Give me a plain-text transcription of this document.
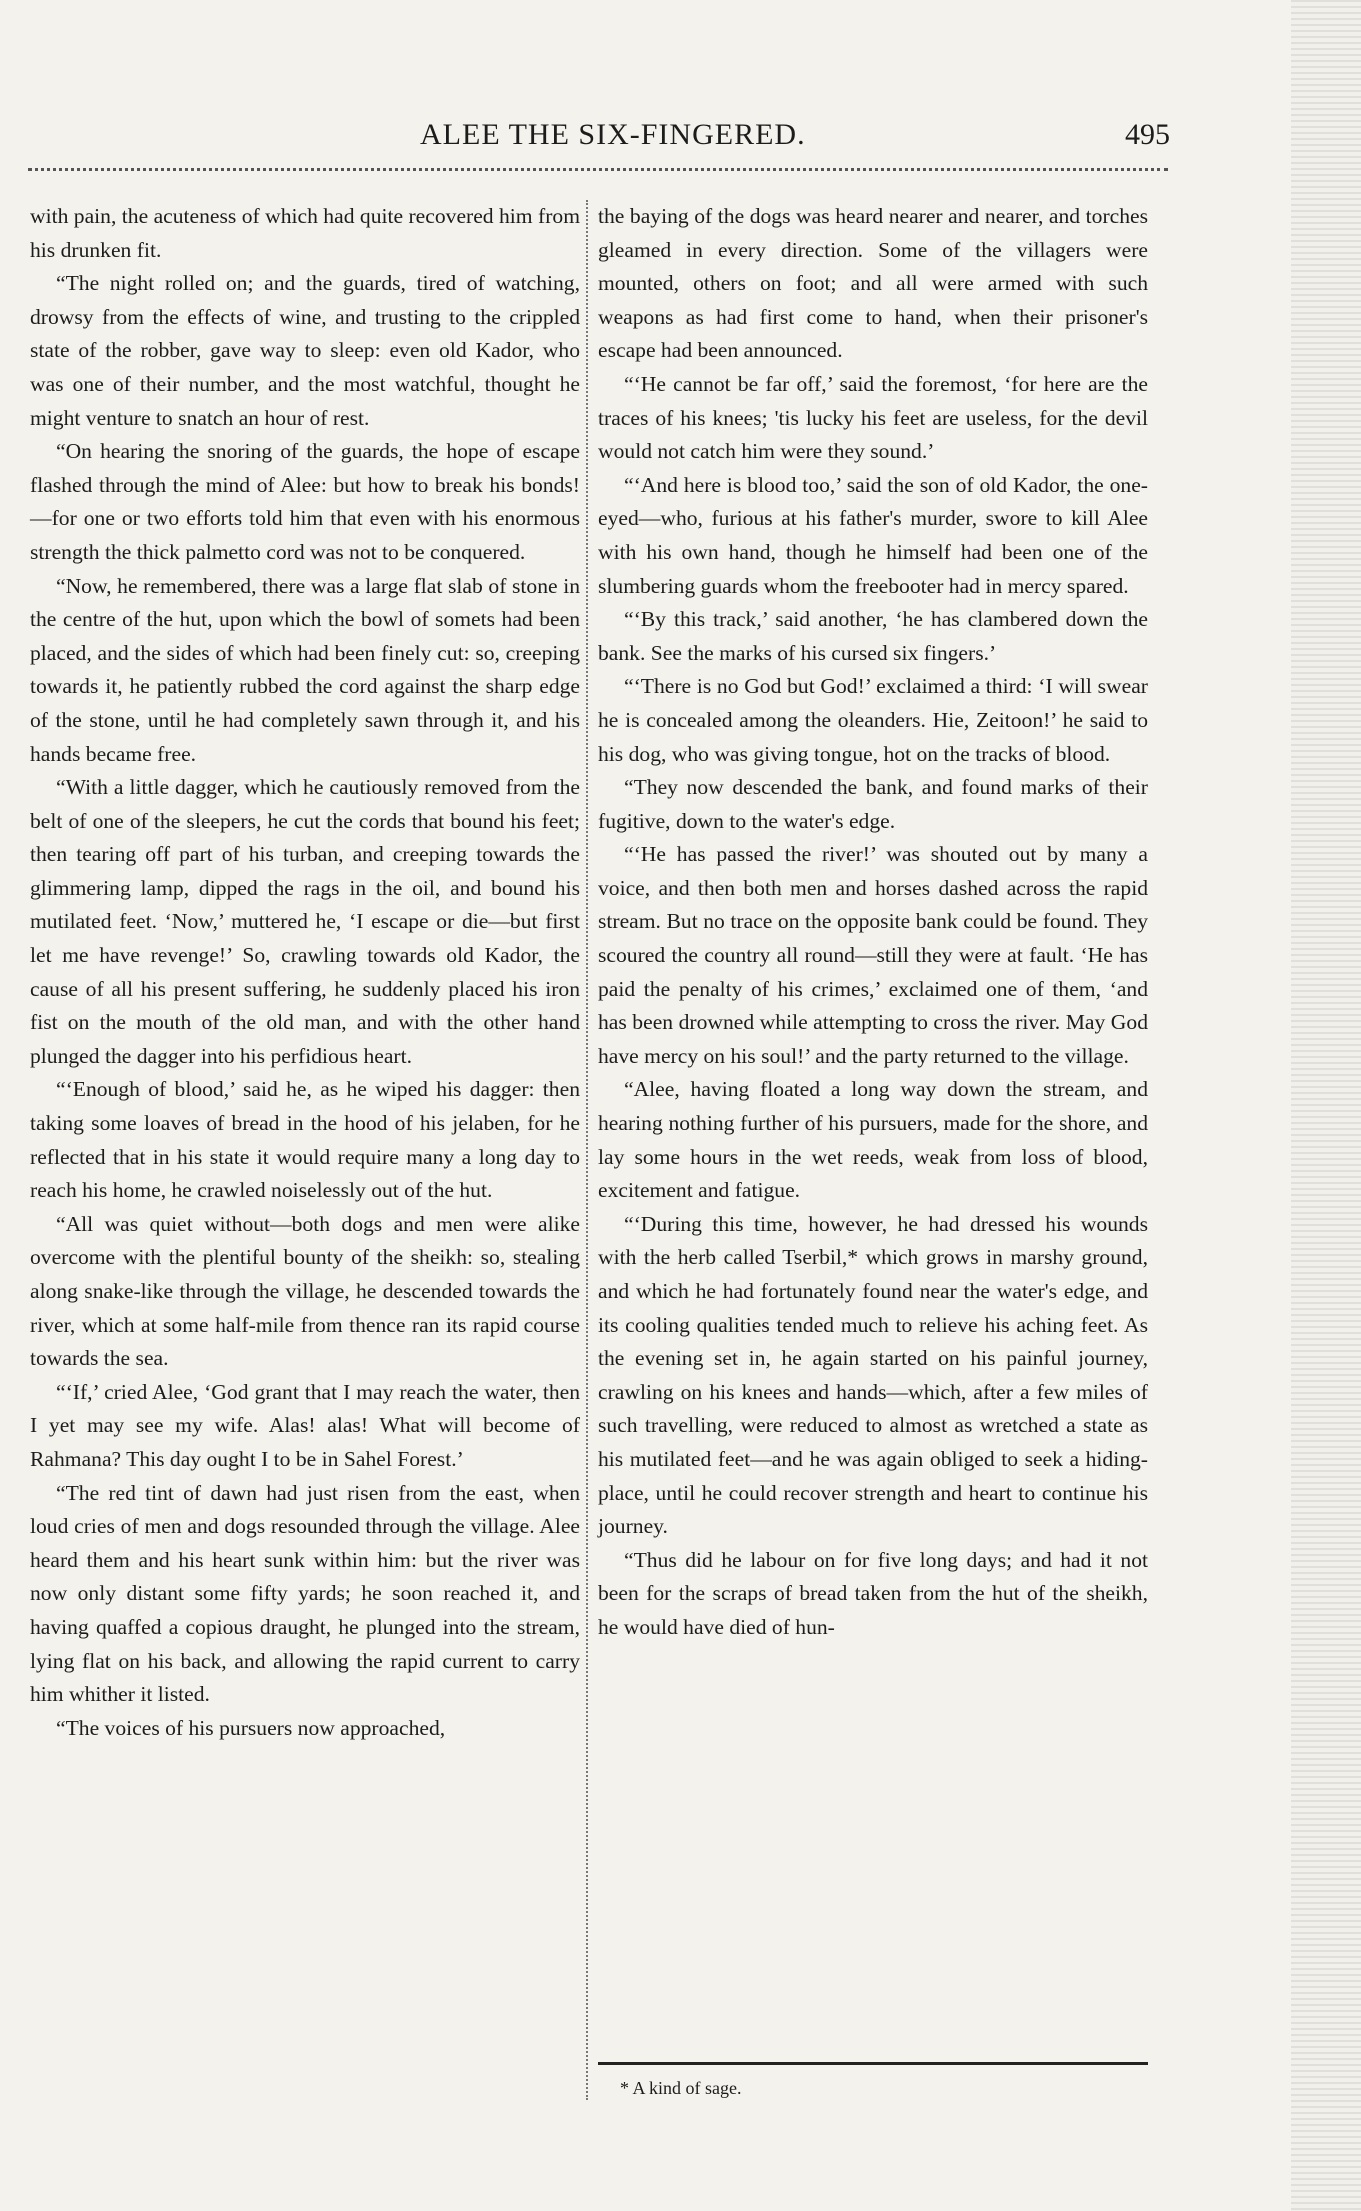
ALEE THE SIX-FINGERED.	495

with pain, the acuteness of which had quite recovered him from his drunken fit.

“The night rolled on; and the guards, tired of watching, drowsy from the effects of wine, and trusting to the crippled state of the robber, gave way to sleep: even old Kador, who was one of their number, and the most watchful, thought he might venture to snatch an hour of rest.

“On hearing the snoring of the guards, the hope of escape flashed through the mind of Alee: but how to break his bonds!—for one or two efforts told him that even with his enormous strength the thick palmetto cord was not to be conquered.

“Now, he remembered, there was a large flat slab of stone in the centre of the hut, upon which the bowl of somets had been placed, and the sides of which had been finely cut: so, creeping towards it, he patiently rubbed the cord against the sharp edge of the stone, until he had completely sawn through it, and his hands became free.

“With a little dagger, which he cautiously removed from the belt of one of the sleepers, he cut the cords that bound his feet; then tearing off part of his turban, and creeping towards the glimmering lamp, dipped the rags in the oil, and bound his mutilated feet. ‘Now,’ muttered he, ‘I escape or die—but first let me have revenge!’ So, crawling towards old Kador, the cause of all his present suffering, he suddenly placed his iron fist on the mouth of the old man, and with the other hand plunged the dagger into his perfidious heart.

“‘Enough of blood,’ said he, as he wiped his dagger: then taking some loaves of bread in the hood of his jelaben, for he reflected that in his state it would require many a long day to reach his home, he crawled noiselessly out of the hut.

“All was quiet without—both dogs and men were alike overcome with the plentiful bounty of the sheikh: so, stealing along snake-like through the village, he descended towards the river, which at some half-mile from thence ran its rapid course towards the sea.

“‘If,’ cried Alee, ‘God grant that I may reach the water, then I yet may see my wife. Alas! alas! What will become of Rahmana? This day ought I to be in Sahel Forest.’

“The red tint of dawn had just risen from the east, when loud cries of men and dogs resounded through the village. Alee heard them and his heart sunk within him: but the river was now only distant some fifty yards; he soon reached it, and having quaffed a copious draught, he plunged into the stream, lying flat on his back, and allowing the rapid current to carry him whither it listed.

“The voices of his pursuers now approached,

the baying of the dogs was heard nearer and nearer, and torches gleamed in every direction. Some of the villagers were mounted, others on foot; and all were armed with such weapons as had first come to hand, when their prisoner's escape had been announced.

“‘He cannot be far off,’ said the foremost, ‘for here are the traces of his knees; 'tis lucky his feet are useless, for the devil would not catch him were they sound.’

“‘And here is blood too,’ said the son of old Kador, the one-eyed—who, furious at his father's murder, swore to kill Alee with his own hand, though he himself had been one of the slumbering guards whom the freebooter had in mercy spared.

“‘By this track,’ said another, ‘he has clambered down the bank. See the marks of his cursed six fingers.’

“‘There is no God but God!’ exclaimed a third: ‘I will swear he is concealed among the oleanders. Hie, Zeitoon!’ he said to his dog, who was giving tongue, hot on the tracks of blood.

“They now descended the bank, and found marks of their fugitive, down to the water's edge.

“‘He has passed the river!’ was shouted out by many a voice, and then both men and horses dashed across the rapid stream. But no trace on the opposite bank could be found. They scoured the country all round—still they were at fault. ‘He has paid the penalty of his crimes,’ exclaimed one of them, ‘and has been drowned while attempting to cross the river. May God have mercy on his soul!’ and the party returned to the village.

“Alee, having floated a long way down the stream, and hearing nothing further of his pursuers, made for the shore, and lay some hours in the wet reeds, weak from loss of blood, excitement and fatigue.

“‘During this time, however, he had dressed his wounds with the herb called Tserbil,* which grows in marshy ground, and which he had fortunately found near the water's edge, and its cooling qualities tended much to relieve his aching feet. As the evening set in, he again started on his painful journey, crawling on his knees and hands—which, after a few miles of such travelling, were reduced to almost as wretched a state as his mutilated feet—and he was again obliged to seek a hiding-place, until he could recover strength and heart to continue his journey.

“Thus did he labour on for five long days; and had it not been for the scraps of bread taken from the hut of the sheikh, he would have died of hun-

* A kind of sage.
